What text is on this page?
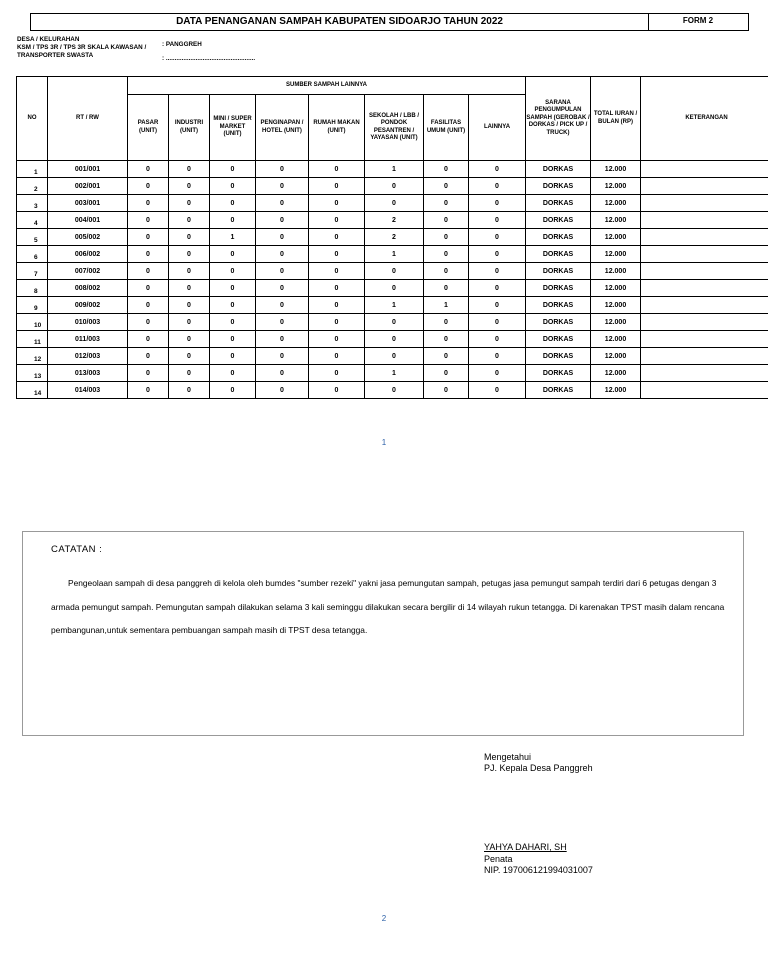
DATA PENANGANAN SAMPAH KABUPATEN SIDOARJO TAHUN 2022	FORM 2
DESA / KELURAHAN
KSM / TPS 3R / TPS 3R SKALA KAWASAN /
TRANSPORTER SWASTA
: PANGGREH
: ...................................................
NO	RT / RW	SUMBER SAMPAH LAINNYA								SARANA PENGUMPULAN SAMPAH (GEROBAK / DORKAS / PICK UP / TRUCK)	TOTAL IURAN / BULAN (RP)	KETERANGAN
		PASAR (UNIT)	INDUSTRI (UNIT)	MINI / SUPER MARKET (UNIT)	PENGINAPAN / HOTEL (UNIT)	RUMAH MAKAN (UNIT)	SEKOLAH / LBB / PONDOK PESANTREN / YAYASAN (UNIT)	FASILITAS UMUM (UNIT)	LAINNYA			

1	001/001	0	0	0	0	0	1	0	0	DORKAS	12.000	

2	002/001	0	0	0	0	0	0	0	0	DORKAS	12.000	

3	003/001	0	0	0	0	0	0	0	0	DORKAS	12.000	

4	004/001	0	0	0	0	0	2	0	0	DORKAS	12.000	

5	005/002	0	0	1	0	0	2	0	0	DORKAS	12.000	

6	006/002	0	0	0	0	0	1	0	0	DORKAS	12.000	

7	007/002	0	0	0	0	0	0	0	0	DORKAS	12.000	

8	008/002	0	0	0	0	0	0	0	0	DORKAS	12.000	

9	009/002	0	0	0	0	0	1	1	0	DORKAS	12.000	

10	010/003	0	0	0	0	0	0	0	0	DORKAS	12.000	

11	011/003	0	0	0	0	0	0	0	0	DORKAS	12.000	

12	012/003	0	0	0	0	0	0	0	0	DORKAS	12.000	

13	013/003	0	0	0	0	0	1	0	0	DORKAS	12.000	

14	014/003	0	0	0	0	0	0	0	0	DORKAS	12.000	
1
CATATAN :
Pengeolaan sampah di desa panggreh di kelola oleh bumdes "sumber rezeki" yakni jasa pemungutan sampah, petugas jasa pemungut sampah terdiri dari 6 petugas dengan 3 armada pemungut sampah. Pemungutan sampah dilakukan selama 3 kali seminggu dilakukan secara bergilir di 14 wilayah rukun tetangga. Di karenakan TPST masih dalam rencana pembangunan,untuk sementara pembuangan sampah masih di TPST desa tetangga.
Mengetahui
PJ. Kepala Desa Panggreh
YAHYA DAHARI, SH
Penata
NIP. 197006121994031007
2
